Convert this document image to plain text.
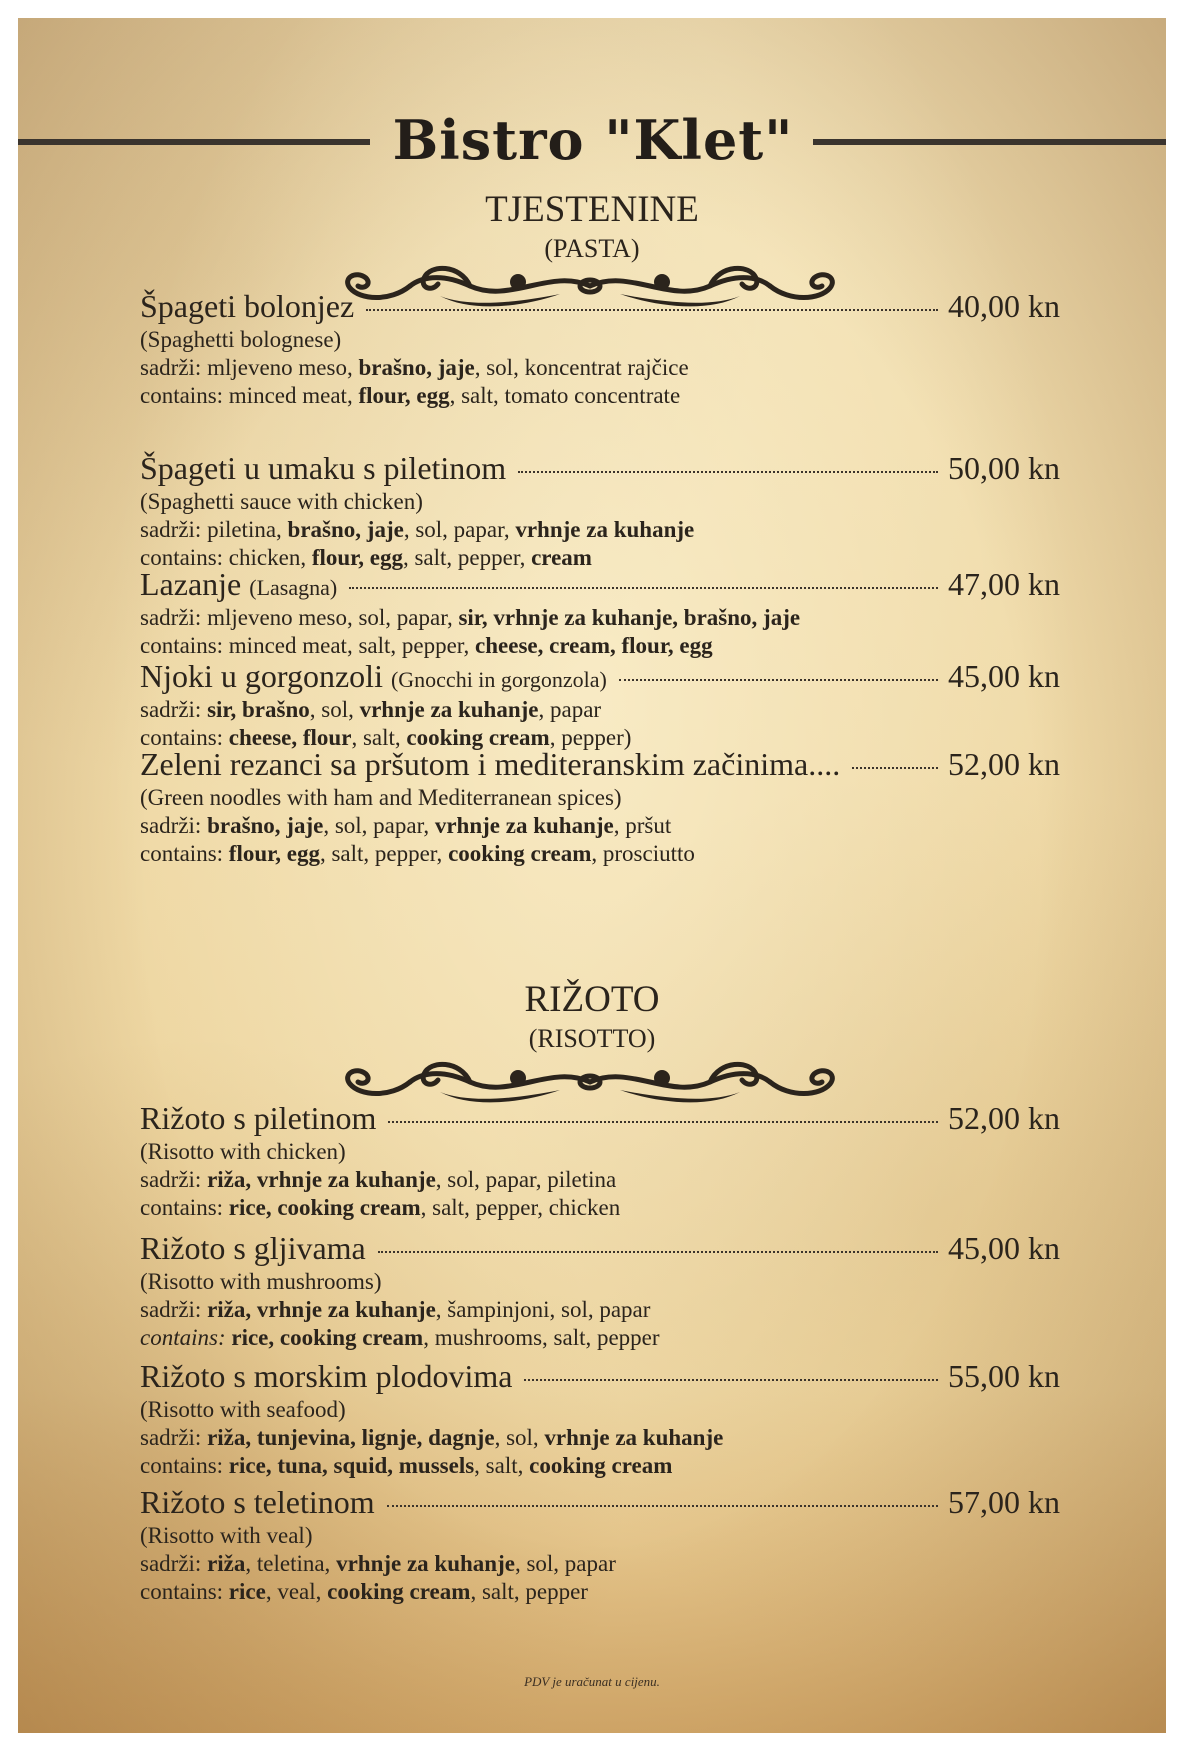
Bistro "Klet"
TJESTENINE
(PASTA)
Špageti bolonjez	40,00 kn
(Spaghetti bolognese)
sadrži: mljeveno meso, brašno, jaje, sol, koncentrat rajčice
contains: minced meat, flour, egg, salt, tomato concentrate
Špageti u umaku s piletinom	50,00 kn
(Spaghetti sauce with chicken)
sadrži: piletina, brašno, jaje, sol, papar, vrhnje za kuhanje
contains: chicken, flour, egg, salt, pepper, cream
Lazanje (Lasagna)	47,00 kn
sadrži: mljeveno meso, sol, papar, sir, vrhnje za kuhanje, brašno, jaje
contains: minced meat, salt, pepper, cheese, cream, flour, egg
Njoki u gorgonzoli (Gnocchi in gorgonzola)	45,00 kn
sadrži: sir, brašno, sol, vrhnje za kuhanje, papar
contains: cheese, flour, salt, cooking cream, pepper)
Zeleni rezanci sa pršutom i mediteranskim začinima....	52,00 kn
(Green noodles with ham and Mediterranean spices)
sadrži: brašno, jaje, sol, papar, vrhnje za kuhanje, pršut
contains: flour, egg, salt, pepper, cooking cream, prosciutto
RIŽOTO
(RISOTTO)
Rižoto s piletinom	52,00 kn
(Risotto with chicken)
sadrži: riža, vrhnje za kuhanje, sol, papar, piletina
contains: rice, cooking cream, salt, pepper, chicken
Rižoto s gljivama	45,00 kn
(Risotto with mushrooms)
sadrži: riža, vrhnje za kuhanje, šampinjoni, sol, papar
contains: rice, cooking cream, mushrooms, salt, pepper
Rižoto s morskim plodovima	55,00 kn
(Risotto with seafood)
sadrži: riža, tunjevina, lignje, dagnje, sol, vrhnje za kuhanje
contains: rice, tuna, squid, mussels, salt, cooking cream
Rižoto s teletinom	57,00 kn
(Risotto with veal)
sadrži: riža, teletina, vrhnje za kuhanje, sol, papar
contains: rice, veal, cooking cream, salt, pepper
PDV je uračunat u cijenu.
